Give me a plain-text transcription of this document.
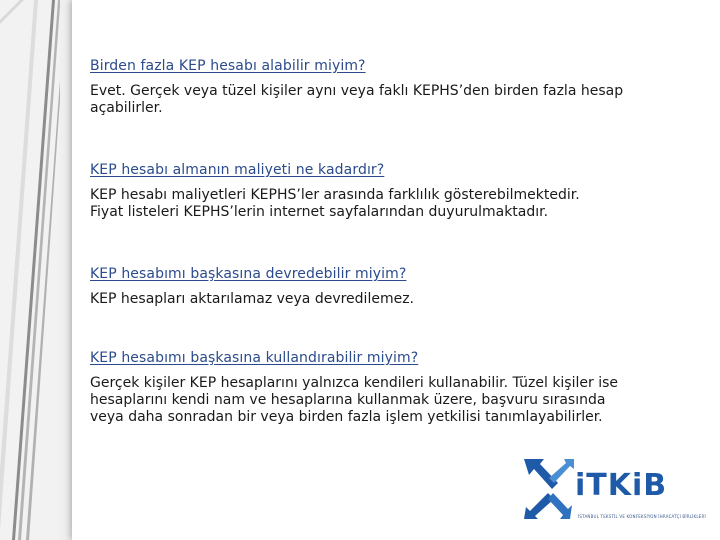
Birden fazla KEP hesabı alabilir miyim?
Evet. Gerçek veya tüzel kişiler aynı veya faklı KEPHS’den birden fazla hesap
açabilirler.
KEP hesabı almanın maliyeti ne kadardır?
KEP hesabı maliyetleri KEPHS’ler arasında farklılık gösterebilmektedir.
Fiyat listeleri KEPHS’lerin internet sayfalarından duyurulmaktadır.
KEP hesabımı başkasına devredebilir miyim?
KEP hesapları aktarılamaz veya devredilemez.
KEP hesabımı başkasına kullandırabilir miyim?
Gerçek kişiler KEP hesaplarını yalnızca kendileri kullanabilir. Tüzel kişiler ise
hesaplarını kendi nam ve hesaplarına kullanmak üzere, başvuru sırasında
veya daha sonradan bir veya birden fazla işlem yetkilisi tanımlayabilirler.
iTKiB
İSTANBUL TEKSTİL VE KONFEKSİYON İHRACATÇI BİRLİKLERİ
